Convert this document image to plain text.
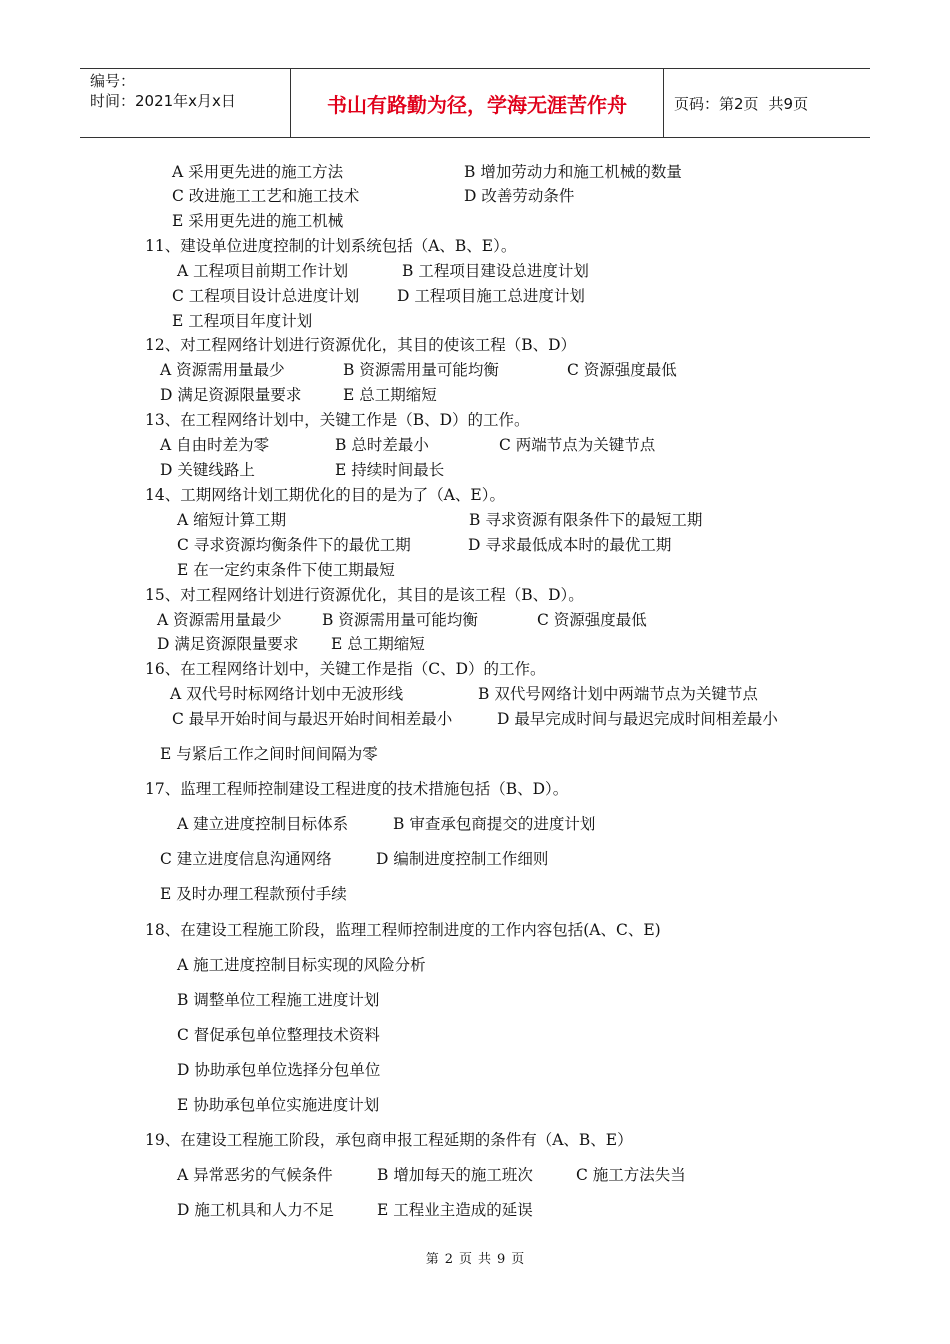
编号：
时间：2021年x月x日	书山有路勤为径，学海无涯苦作舟	页码：第2页 共9页
A 采用更先进的施工方法	B 增加劳动力和施工机械的数量
C 改进施工工艺和施工技术	D 改善劳动条件
E 采用更先进的施工机械
11、建设单位进度控制的计划系统包括（A、B、E）。
A 工程项目前期工作计划	B 工程项目建设总进度计划
C 工程项目设计总进度计划 D 工程项目施工总进度计划
E 工程项目年度计划
12、对工程网络计划进行资源优化，其目的使该工程（B、D）
A 资源需用量最少	B 资源需用量可能均衡	C 资源强度最低
D 满足资源限量要求	E 总工期缩短
13、在工程网络计划中，关键工作是（B、D）的工作。
A 自由时差为零	B 总时差最小	C 两端节点为关键节点
D 关键线路上	E 持续时间最长
14、工期网络计划工期优化的目的是为了（A、E）。
A 缩短计算工期	B 寻求资源有限条件下的最短工期
C 寻求资源均衡条件下的最优工期	D 寻求最低成本时的最优工期
E 在一定约束条件下使工期最短
15、对工程网络计划进行资源优化，其目的是该工程（B、D）。
A 资源需用量最少	B 资源需用量可能均衡	C 资源强度最低
D 满足资源限量要求 E 总工期缩短
16、在工程网络计划中，关键工作是指（C、D）的工作。
A 双代号时标网络计划中无波形线	B 双代号网络计划中两端节点为关键节点
C 最早开始时间与最迟开始时间相差最小	D 最早完成时间与最迟完成时间相差最小
E 与紧后工作之间时间间隔为零
17、监理工程师控制建设工程进度的技术措施包括（B、D）。
A 建立进度控制目标体系	B 审查承包商提交的进度计划
C 建立进度信息沟通网络	D 编制进度控制工作细则
E 及时办理工程款预付手续
18、在建设工程施工阶段，监理工程师控制进度的工作内容包括(A、C、E)
A 施工进度控制目标实现的风险分析
B 调整单位工程施工进度计划
C 督促承包单位整理技术资料
D 协助承包单位选择分包单位
E 协助承包单位实施进度计划
19、在建设工程施工阶段，承包商申报工程延期的条件有（A、B、E）
A 异常恶劣的气候条件	B 增加每天的施工班次	C 施工方法失当
D 施工机具和人力不足	E 工程业主造成的延误
第 2 页 共 9 页
